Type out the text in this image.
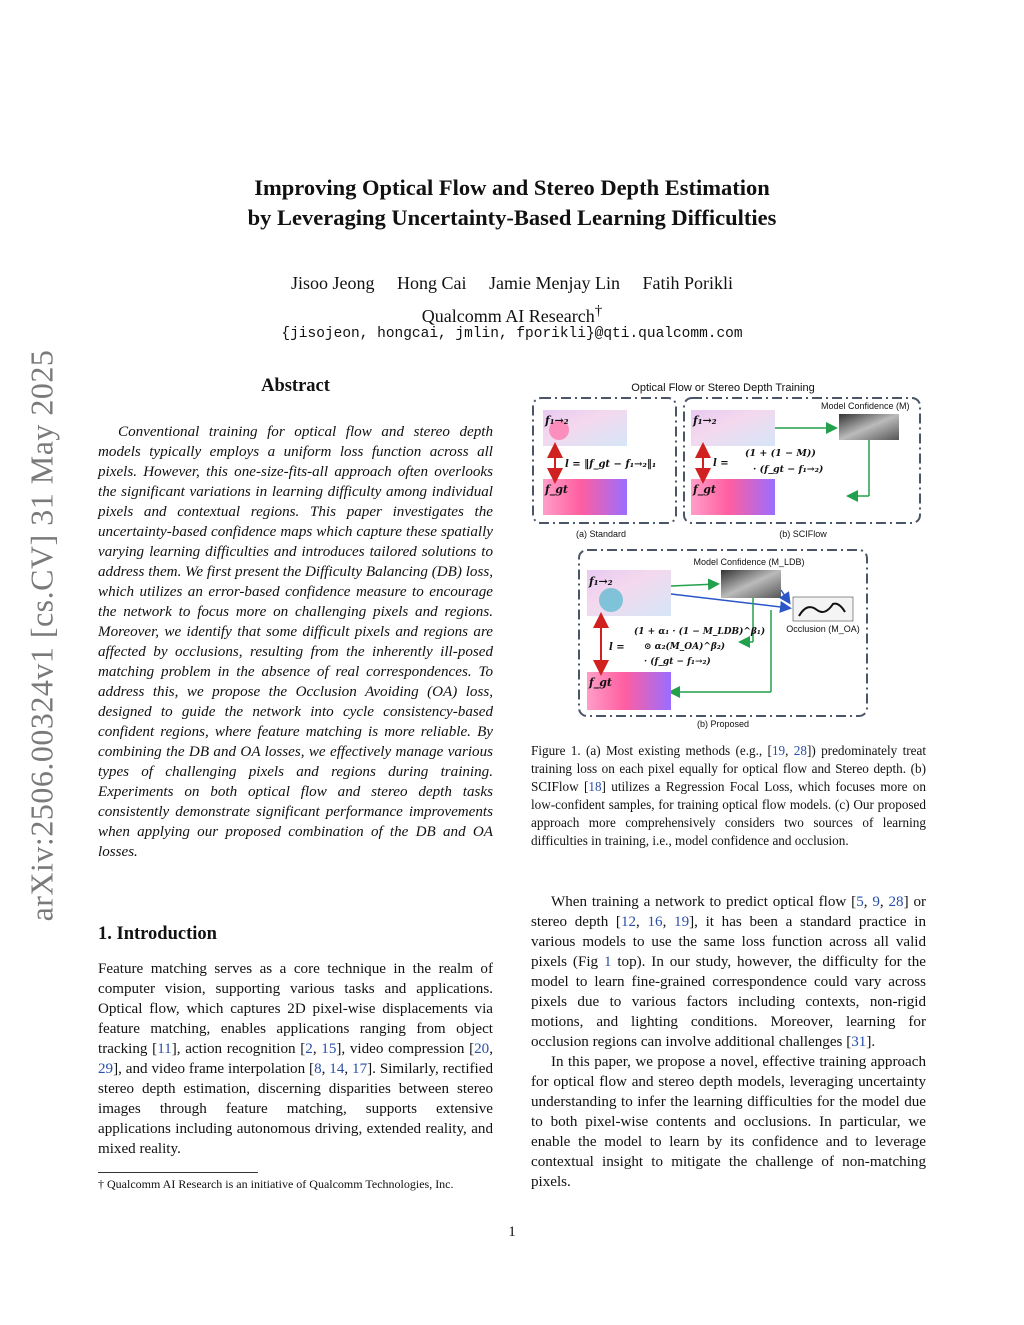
arXiv:2506.00324v1 [cs.CV] 31 May 2025
Improving Optical Flow and Stereo Depth Estimation
by Leveraging Uncertainty-Based Learning Difficulties
Jisoo Jeong Hong Cai Jamie Menjay Lin Fatih Porikli
Qualcomm AI Research†
{jisojeon, hongcai, jmlin, fporikli}@qti.qualcomm.com
Abstract
Conventional training for optical flow and stereo depth models typically employs a uniform loss function across all pixels. However, this one-size-fits-all approach often overlooks the significant variations in learning difficulty among individual pixels and contextual regions. This paper investigates the uncertainty-based confidence maps which capture these spatially varying learning difficulties and introduces tailored solutions to address them. We first present the Difficulty Balancing (DB) loss, which utilizes an error-based confidence measure to encourage the network to focus more on challenging pixels and regions. Moreover, we identify that some difficult pixels and regions are affected by occlusions, resulting from the inherently ill-posed matching problem in the absence of real correspondences. To address this, we propose the Occlusion Avoiding (OA) loss, designed to guide the network into cycle consistency-based confident regions, where feature matching is more reliable. By combining the DB and OA losses, we effectively manage various types of challenging pixels and regions during training. Experiments on both optical flow and stereo depth tasks consistently demonstrate significant performance improvements when applying our proposed combination of the DB and OA losses.
1. Introduction
Feature matching serves as a core technique in the realm of computer vision, supporting various tasks and applications. Optical flow, which captures 2D pixel-wise displacements via feature matching, enables applications ranging from object tracking [11], action recognition [2, 15], video compression [20, 29], and video frame interpolation [8, 14, 17]. Similarly, rectified stereo depth estimation, discerning disparities between stereo images through feature matching, supports extensive applications including autonomous driving, extended reality, and mixed reality.
† Qualcomm AI Research is an initiative of Qualcomm Technologies, Inc.
Optical Flow or Stereo Depth Training
f₁→₂
f_gt
l = ‖f_gt − f₁→₂‖₁
(a) Standard
Model Confidence (M)
f₁→₂
f_gt
l =
(1 + (1 − M))
· (f_gt − f₁→₂)
(b) SCIFlow
Model Confidence (M_LDB)
f₁→₂
Occlusion (M_OA)
f_gt
l =
(1 + α₁ · (1 − M_LDB)^β₁)
⊙ α₂(M_OA)^β₂)
· (f_gt − f₁→₂)
(b) Proposed
Figure 1. (a) Most existing methods (e.g., [19, 28]) predominately treat training loss on each pixel equally for optical flow and Stereo depth. (b) SCIFlow [18] utilizes a Regression Focal Loss, which focuses more on low-confident samples, for training optical flow models. (c) Our proposed approach more comprehensively considers two sources of learning difficulties in training, i.e., model confidence and occlusion.

When training a network to predict optical flow [5, 9, 28] or stereo depth [12, 16, 19], it has been a standard practice in various models to use the same loss function across all valid pixels (Fig 1 top). In our study, however, the difficulty for the model to learn fine-grained correspondence could vary across pixels due to various factors including contexts, non-rigid motions, and lighting conditions. Moreover, learning for occlusion regions can involve additional challenges [31].

In this paper, we propose a novel, effective training approach for optical flow and stereo depth models, leveraging uncertainty understanding to infer the learning difficulties for the model due to both pixel-wise contents and occlusions. In particular, we enable the model to learn by its confidence and to leverage contextual insight to mitigate the challenge of non-matching pixels.

1
